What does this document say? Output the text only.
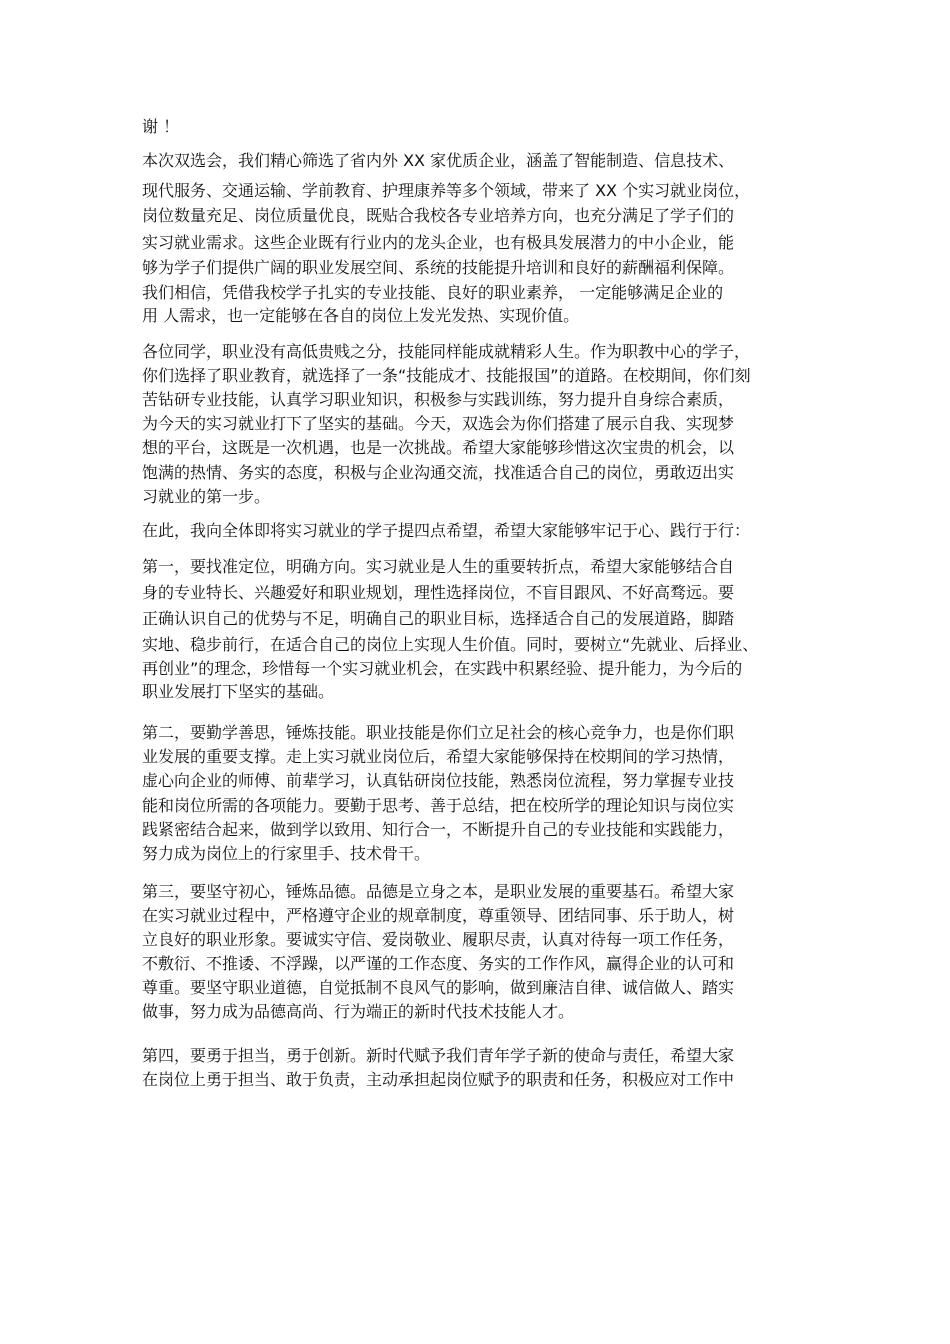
谢 ！

本次双选会，我们精心筛选了省内外 XX 家优质企业，涵盖了智能制造、信息技术、

现代服务、交通运输、学前教育、护理康养等多个领域，带来了 XX 个实习就业岗位，

岗位数量充足、岗位质量优良，既贴合我校各专业培养方向，也充分满足了学子们的

实习就业需求。这些企业既有行业内的龙头企业，也有极具发展潜力的中小企业，能

够为学子们提供广阔的职业发展空间、系统的技能提升培训和良好的薪酬福利保障。

我们相信，凭借我校学子扎实的专业技能、良好的职业素养， 一定能够满足企业的

用 人需求，也一定能够在各自的岗位上发光发热、实现价值。

各位同学，职业没有高低贵贱之分，技能同样能成就精彩人生。作为职教中心的学子，

你们选择了职业教育，就选择了一条“技能成才、技能报国”的道路。在校期间，你们刻

苦钻研专业技能，认真学习职业知识，积极参与实践训练，努力提升自身综合素质，

为今天的实习就业打下了坚实的基础。今天，双选会为你们搭建了展示自我、实现梦

想的平台，这既是一次机遇，也是一次挑战。希望大家能够珍惜这次宝贵的机会，以

饱满的热情、务实的态度，积极与企业沟通交流，找准适合自己的岗位，勇敢迈出实

习就业的第一步。

在此，我向全体即将实习就业的学子提四点希望，希望大家能够牢记于心、践行于行：

第一，要找准定位，明确方向。实习就业是人生的重要转折点，希望大家能够结合自

身的专业特长、兴趣爱好和职业规划，理性选择岗位，不盲目跟风、不好高骛远。要

正确认识自己的优势与不足，明确自己的职业目标，选择适合自己的发展道路，脚踏

实地、稳步前行，在适合自己的岗位上实现人生价值。同时，要树立“先就业、后择业、

再创业”的理念，珍惜每一个实习就业机会，在实践中积累经验、提升能力，为今后的

职业发展打下坚实的基础。

第二，要勤学善思，锤炼技能。职业技能是你们立足社会的核心竞争力，也是你们职

业发展的重要支撑。走上实习就业岗位后，希望大家能够保持在校期间的学习热情，

虚心向企业的师傅、前辈学习，认真钻研岗位技能，熟悉岗位流程，努力掌握专业技

能和岗位所需的各项能力。要勤于思考、善于总结，把在校所学的理论知识与岗位实

践紧密结合起来，做到学以致用、知行合一，不断提升自己的专业技能和实践能力，

努力成为岗位上的行家里手、技术骨干。

第三，要坚守初心，锤炼品德。品德是立身之本，是职业发展的重要基石。希望大家

在实习就业过程中，严格遵守企业的规章制度，尊重领导、团结同事、乐于助人，树

立良好的职业形象。要诚实守信、爱岗敬业、履职尽责，认真对待每一项工作任务，

不敷衍、不推诿、不浮躁，以严谨的工作态度、务实的工作作风，赢得企业的认可和

尊重。要坚守职业道德，自觉抵制不良风气的影响，做到廉洁自律、诚信做人、踏实

做事，努力成为品德高尚、行为端正的新时代技术技能人才。

第四，要勇于担当，勇于创新。新时代赋予我们青年学子新的使命与责任，希望大家

在岗位上勇于担当、敢于负责，主动承担起岗位赋予的职责和任务，积极应对工作中
